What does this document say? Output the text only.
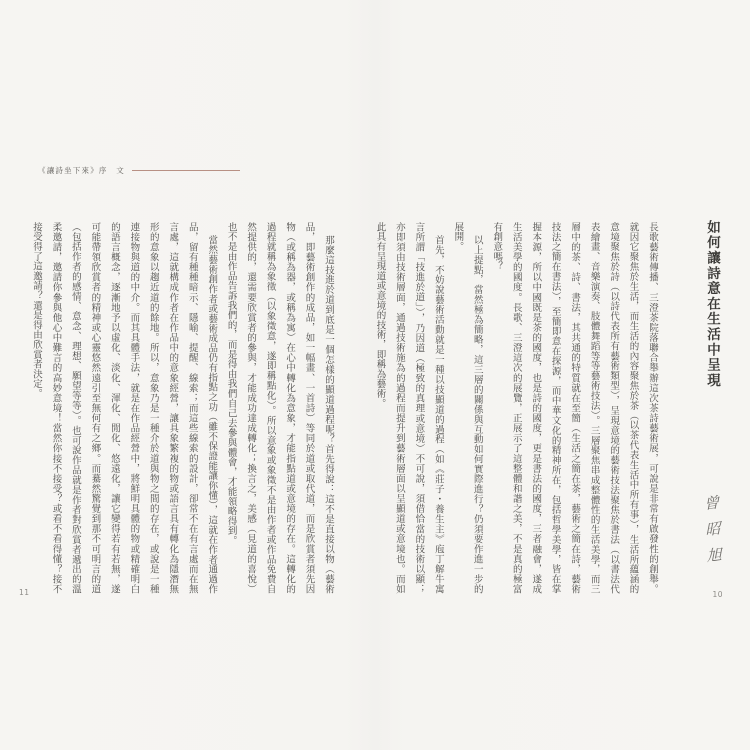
《讓詩坐下來》序　文

那麼這技進於道到底是一個怎樣的顯道過程呢？首先得說：這不是直接以物（藝術品，即藝術創作的成品，如一幅畫、一首詩）等同於道或取代道，而是欣賞者須先因物（或稱為器，或稱為寓）在心中轉化為意象，才能指點道或意境的存在。這轉化的過程就稱為象徵（以象徵意，遂即稱點化）。所以意象或象徵不是由作者或作品免費自然提供的，還需要欣賞者的參與，才能成功達成轉化；換言之，美感（見道的喜悅）也不是由作品告訴我們的，而是得由我們自己去參與體會，才能領略得到。

當然藝術創作者或藝術成品仍有指點之功（雖不保證能讓你懂），這就在作者通過作品，留有種種暗示、隱喻、提醒、線索；而這些線索的設計，卻常不在有言處而在無言處，這就構成作者在作品中的意象經營，讓具象繁複的物或語言具有轉化為隱潛無形的意象以趨近道的餘地。所以，意象乃是一種介於道與物之間的存在，或說是一種連接物與道的中介。而其具體手法，就是在作品經營中，將鮮明具體的物或精確明白的語言概念，逐漸地予以虛化、淡化、渾化、閒化、悠遠化，讓它變得若有若無，遂可能帶領欣賞者的精神或心靈悠然遠引至無何有之鄉。而驀然驚覺到那不可明言的道（包括作者的感情、意念、理想、願望等等）。也可說作品就是作者對欣賞者遞出的溫柔邀請，邀請你參與他心中難言的高妙意境！當然你接不接受？或看不看得懂？接不接受得了這邀請？還是得由欣賞者決定。

11
如何讓詩意在生活中呈現

長歌藝術傳播、三澄茶院落聯合舉辦這次茶詩藝術展，可說是非常有啟發性的創舉。就因它聚焦於生活，而生活的內容聚焦於茶（以茶代表生活中所有事），生活所蘊涵的意境聚焦於詩（以詩代表所有藝術類型），呈現意境的藝術技法聚焦於書法（以書法代表繪畫、音樂演奏、肢體舞蹈等等藝術技法）。三層聚焦串成整體性的生活美學，而三層中的茶、詩、書法，其共通的特質就在至簡（生活之簡在茶，藝術之簡在詩，藝術技法之簡在書法），至簡即意在探源，而中華文化的精神所在，包括哲學美學，皆在掌握本源，所以中國既是茶的國度，也是詩的國度，更是書法的國度，三者融會，遂成生活美學的國度。長歌、三澄這次的展覽，正展示了這整體和諧之美，不是真的極富有創意嗎？

以上提點，當然極為簡略，這三層的關係與互動如何實際進行？仍須要作進一步的展開。

首先，不妨說藝術活動就是一種以技顯道的過程（如《莊子・養生主》庖丁解牛寓言所謂「技進於道」），乃因道（極致的真理或意境）不可說，須借恰當的技術以顯；亦即須由技術層面，通過技術施為的過程而提升到藝術層面以呈顯道或意境也。而如此具有呈現道或意境的技術，即稱為藝術。

曾昭旭
10
